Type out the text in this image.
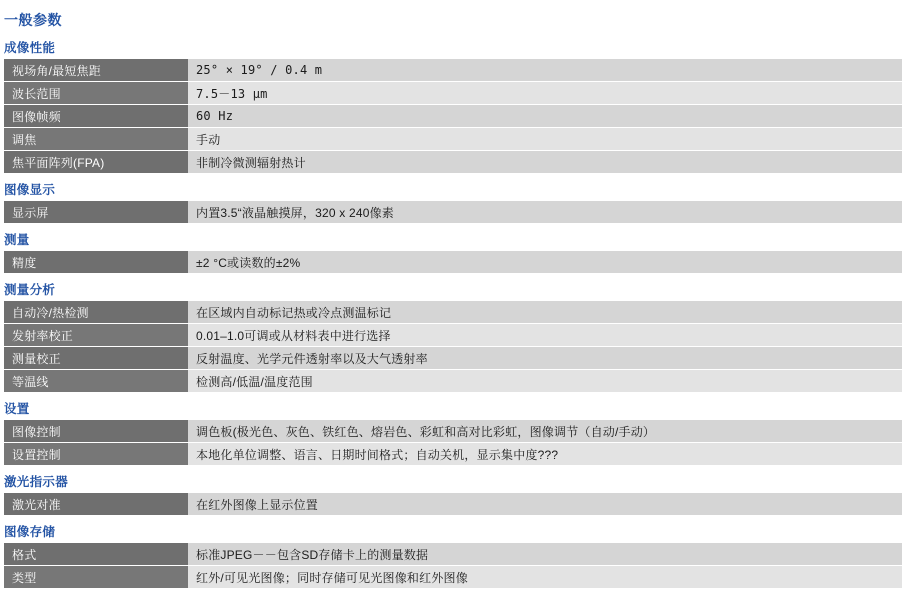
一般参数
成像性能
视场角/最短焦距	25° × 19° / 0.4 m
波长范围	7.5－13 μm
图像帧频	60 Hz
调焦	手动
焦平面阵列(FPA)	非制冷微测辐射热计
图像显示
显示屏	内置3.5“液晶触摸屏，320 x 240像素
测量
精度	±2 °C或读数的±2%
测量分析
自动冷/热检测	在区域内自动标记热或冷点测温标记
发射率校正	0.01–1.0可调或从材料表中进行选择
测量校正	反射温度、光学元件透射率以及大气透射率
等温线	检测高/低温/温度范围
设置
图像控制	调色板(极光色、灰色、铁红色、熔岩色、彩虹和高对比彩虹，图像调节（自动/手动）
设置控制	本地化单位调整、语言、日期时间格式；自动关机，显示集中度???
激光指示器
激光对准	在红外图像上显示位置
图像存储
格式	标准JPEG－－包含SD存储卡上的测量数据
类型	红外/可见光图像；同时存储可见光图像和红外图像
